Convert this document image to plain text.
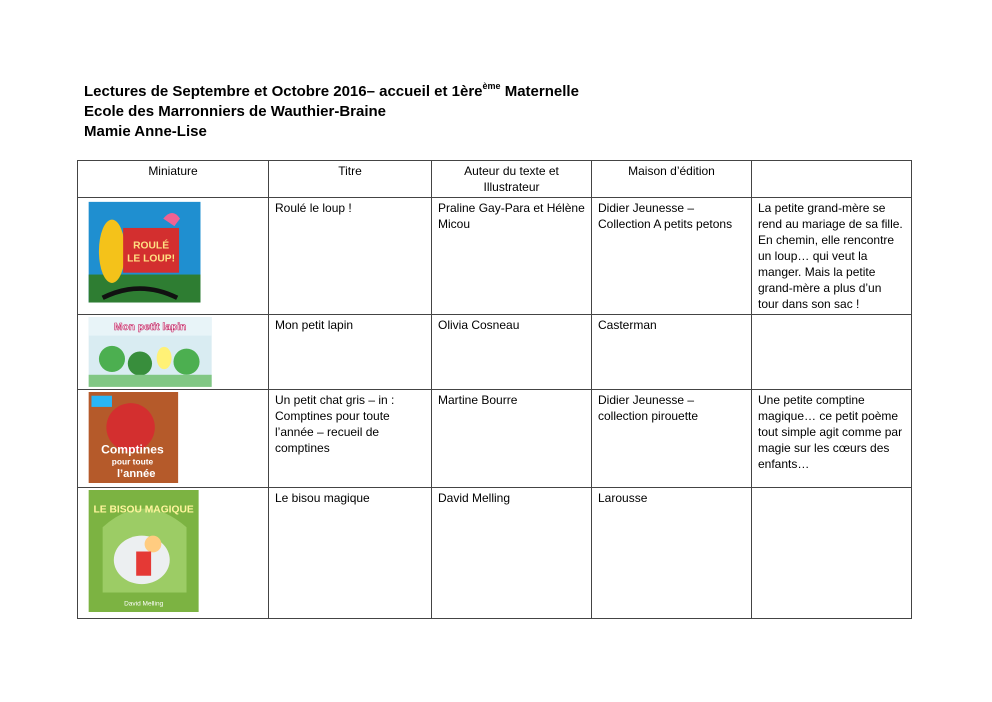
Lectures de Septembre et Octobre 2016– accueil et 1ère$^{ème}$ Maternelle
Ecole des Marronniers de Wauthier-Braine
Mamie Anne-Lise
Miniature	Titre	Auteur du texte et Illustrateur	Maison d’édition	

ROULÉ
LE LOUP!	Roulé le loup !	Praline Gay-Para et Hélène Micou	Didier Jeunesse – Collection A petits petons	La petite grand-mère se rend au mariage de sa fille. En chemin, elle rencontre un loup… qui veut la manger. Mais la petite grand-mère a plus d’un tour dans son sac !

Mon petit lapin	Mon petit lapin	Olivia Cosneau	Casterman	

Comptines
pour toute
l’année	Un petit chat gris – in : Comptines pour toute l’année – recueil de comptines	Martine Bourre	Didier Jeunesse – collection pirouette	Une petite comptine magique… ce petit poème tout simple agit comme par magie sur les cœurs des enfants…

LE BISOU MAGIQUE
David Melling	Le bisou magique	David Melling	Larousse	
